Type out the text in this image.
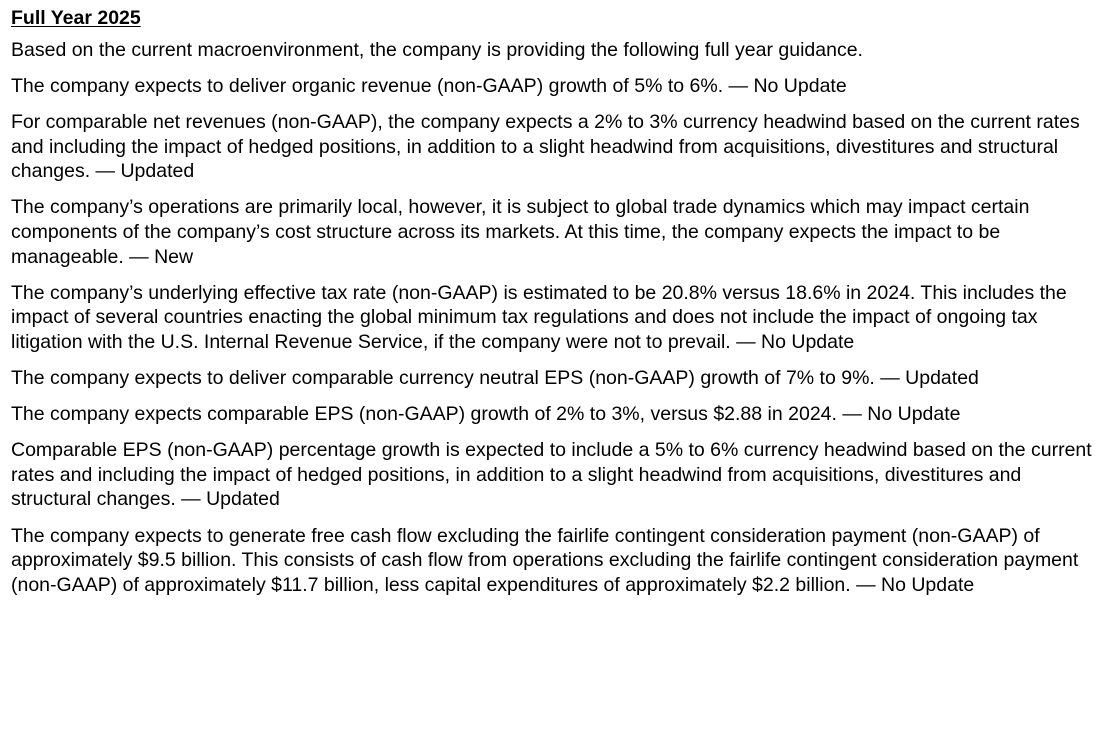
Full Year 2025

Based on the current macroenvironment, the company is providing the following full year guidance.

The company expects to deliver organic revenue (non-GAAP) growth of 5% to 6%. — No Update

For comparable net revenues (non-GAAP), the company expects a 2% to 3% currency headwind based on the current rates and including the impact of hedged positions, in addition to a slight headwind from acquisitions, divestitures and structural changes. — Updated

The company’s operations are primarily local, however, it is subject to global trade dynamics which may impact certain components of the company’s cost structure across its markets. At this time, the company expects the impact to be manageable. — New

The company’s underlying effective tax rate (non-GAAP) is estimated to be 20.8% versus 18.6% in 2024. This includes the impact of several countries enacting the global minimum tax regulations and does not include the impact of ongoing tax litigation with the U.S. Internal Revenue Service, if the company were not to prevail. — No Update

The company expects to deliver comparable currency neutral EPS (non-GAAP) growth of 7% to 9%. — Updated

The company expects comparable EPS (non-GAAP) growth of 2% to 3%, versus $2.88 in 2024. — No Update

Comparable EPS (non-GAAP) percentage growth is expected to include a 5% to 6% currency headwind based on the current rates and including the impact of hedged positions, in addition to a slight headwind from acquisitions, divestitures and structural changes. — Updated

The company expects to generate free cash flow excluding the fairlife contingent consideration payment (non-GAAP) of approximately $9.5 billion. This consists of cash flow from operations excluding the fairlife contingent consideration payment (non-GAAP) of approximately $11.7 billion, less capital expenditures of approximately $2.2 billion. — No Update
